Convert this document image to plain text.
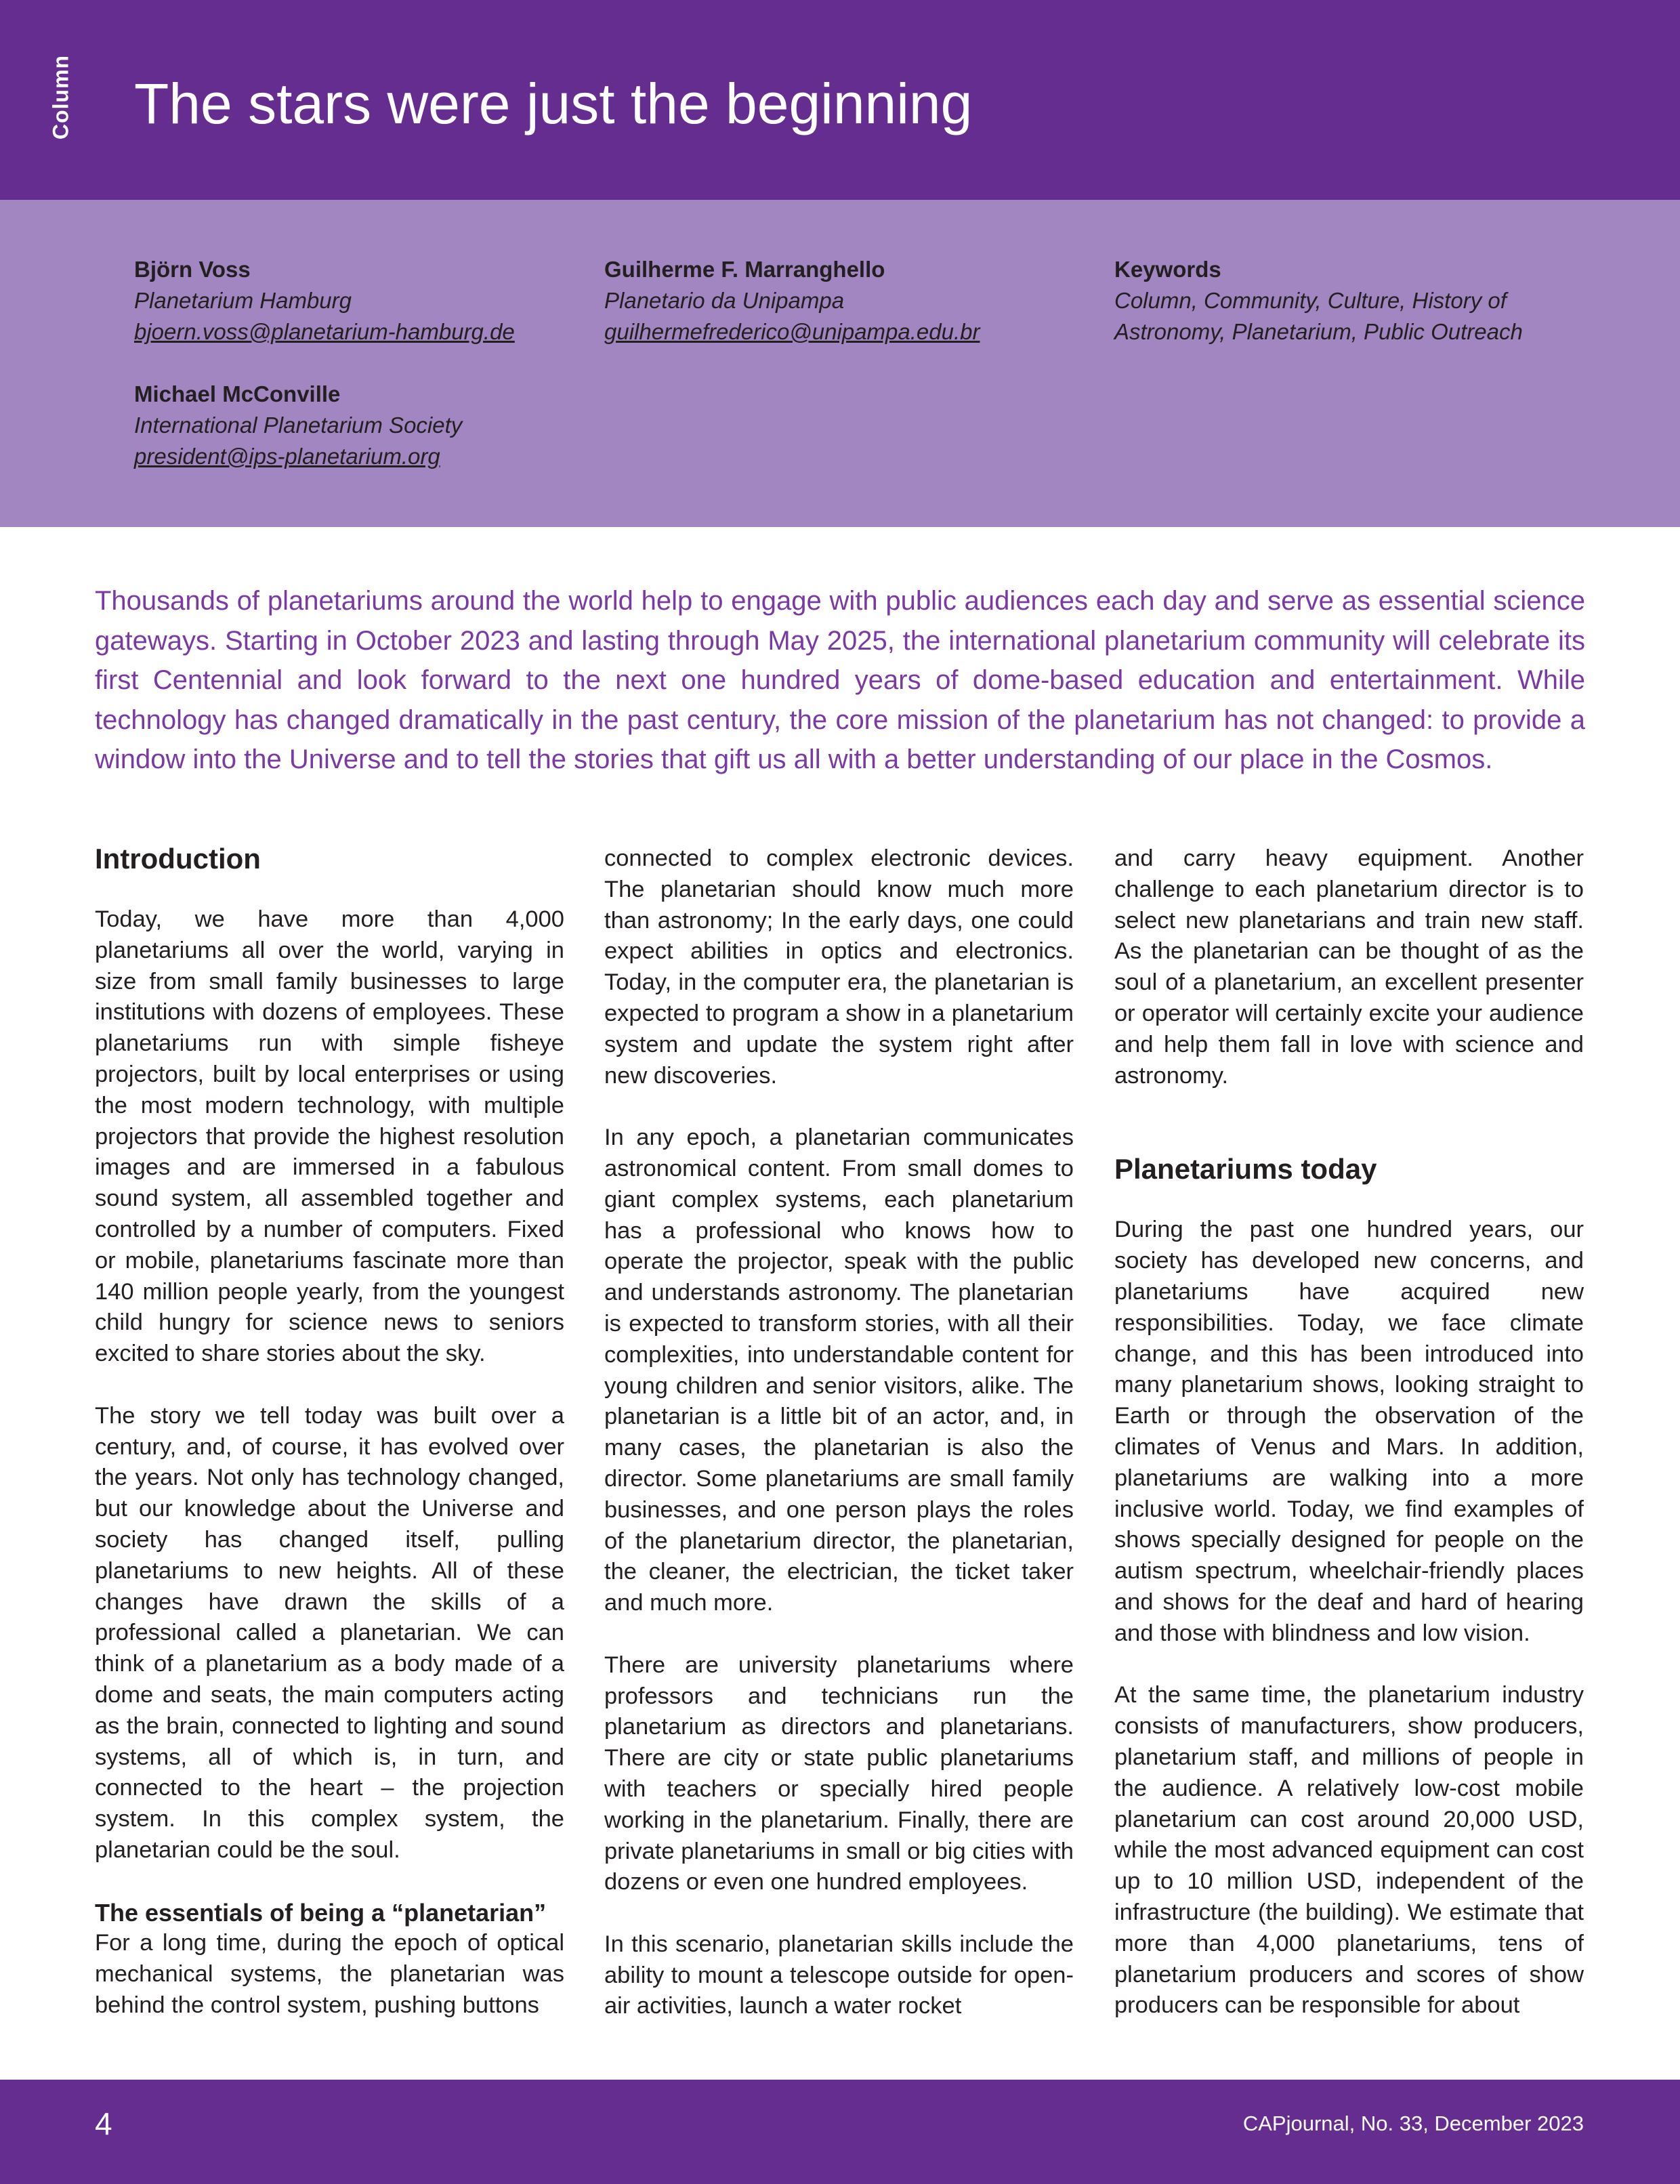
Column The stars were just the beginning
Björn Voss
Planetarium Hamburg
bjoern.voss@planetarium-hamburg.de
Guilherme F. Marranghello
Planetario da Unipampa
guilhermefrederico@unipampa.edu.br
Keywords
Column, Community, Culture, History of
Astronomy, Planetarium, Public Outreach
Michael McConville
International Planetarium Society
president@ips-planetarium.org

Thousands of planetariums around the world help to engage with public audiences each day and serve as essential science gateways. Starting in October 2023 and lasting through May 2025, the international planetarium community will celebrate its first Centennial and look forward to the next one hundred years of dome-based education and entertainment. While technology has changed dramatically in the past century, the core mission of the planetarium has not changed: to provide a window into the Universe and to tell the stories that gift us all with a better understanding of our place in the Cosmos.

Introduction

Today, we have more than 4,000 planetariums all over the world, varying in size from small family businesses to large institutions with dozens of employees. These planetariums run with simple fisheye projectors, built by local enterprises or using the most modern technology, with multiple projectors that provide the highest resolution images and are immersed in a fabulous sound system, all assembled together and controlled by a number of computers. Fixed or mobile, planetariums fascinate more than 140 million people yearly, from the youngest child hungry for science news to seniors excited to share stories about the sky.

The story we tell today was built over a century, and, of course, it has evolved over the years. Not only has technology changed, but our knowledge about the Universe and society has changed itself, pulling planetariums to new heights. All of these changes have drawn the skills of a professional called a planetarian. We can think of a planetarium as a body made of a dome and seats, the main computers acting as the brain, connected to lighting and sound systems, all of which is, in turn, and connected to the heart – the projection system. In this complex system, the planetarian could be the soul.

The essentials of being a “planetarian”

For a long time, during the epoch of optical mechanical systems, the planetarian was behind the control system, pushing buttons

connected to complex electronic devices. The planetarian should know much more than astronomy; In the early days, one could expect abilities in optics and electronics. Today, in the computer era, the planetarian is expected to program a show in a planetarium system and update the system right after new discoveries.

In any epoch, a planetarian communicates astronomical content. From small domes to giant complex systems, each planetarium has a professional who knows how to operate the projector, speak with the public and understands astronomy. The planetarian is expected to transform stories, with all their complexities, into understandable content for young children and senior visitors, alike. The planetarian is a little bit of an actor, and, in many cases, the planetarian is also the director. Some planetariums are small family businesses, and one person plays the roles of the planetarium director, the planetarian, the cleaner, the electrician, the ticket taker and much more.

There are university planetariums where professors and technicians run the planetarium as directors and planetarians. There are city or state public planetariums with teachers or specially hired people working in the planetarium. Finally, there are private planetariums in small or big cities with dozens or even one hundred employees.

In this scenario, planetarian skills include the ability to mount a telescope outside for open-air activities, launch a water rocket

and carry heavy equipment. Another challenge to each planetarium director is to select new planetarians and train new staff. As the planetarian can be thought of as the soul of a planetarium, an excellent presenter or operator will certainly excite your audience and help them fall in love with science and astronomy.

Planetariums today

During the past one hundred years, our society has developed new concerns, and planetariums have acquired new responsibilities. Today, we face climate change, and this has been introduced into many planetarium shows, looking straight to Earth or through the observation of the climates of Venus and Mars. In addition, planetariums are walking into a more inclusive world. Today, we find examples of shows specially designed for people on the autism spectrum, wheelchair-friendly places and shows for the deaf and hard of hearing and those with blindness and low vision.

At the same time, the planetarium industry consists of manufacturers, show producers, planetarium staff, and millions of people in the audience. A relatively low-cost mobile planetarium can cost around 20,000 USD, while the most advanced equipment can cost up to 10 million USD, independent of the infrastructure (the building). We estimate that more than 4,000 planetariums, tens of planetarium producers and scores of show producers can be responsible for about

4	CAPjournal, No. 33, December 2023
